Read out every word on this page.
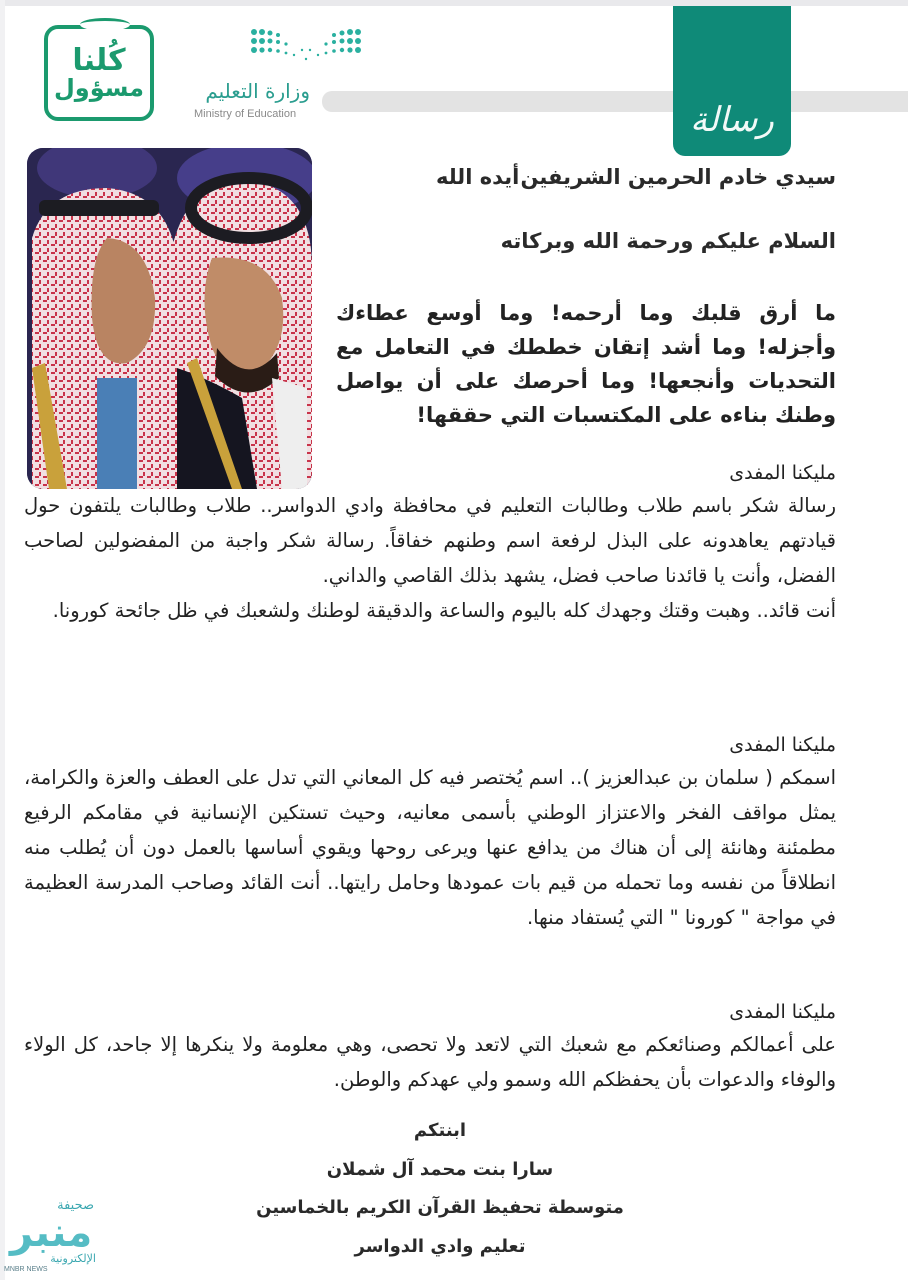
رسالة
كُلنا
مسؤول	وزارة التعليم
Ministry of Education
سيدي خادم الحرمين الشريفين
أيده الله
السلام عليكم ورحمة الله وبركاته
ما أرق قلبك وما أرحمه! وما أوسع عطاءك وأجزله! وما أشد إتقان خططك في التعامل مع التحديات وأنجعها! وما أحرصك على أن يواصل وطنك بناءه على المكتسبات التي حققها!
مليكنا المفدى

رسالة شكر باسم طلاب وطالبات التعليم في محافظة وادي الدواسر.. طلاب وطالبات يلتفون حول قيادتهم يعاهدونه على البذل لرفعة اسم وطنهم خفاقاً. رسالة شكر واجبة من المفضولين لصاحب الفضل، وأنت يا قائدنا صاحب فضل، يشهد بذلك القاصي والداني.

أنت قائد.. وهبت وقتك وجهدك كله باليوم والساعة والدقيقة لوطنك ولشعبك في ظل جائحة كورونا.

مليكنا المفدى

اسمكم ( سلمان بن عبدالعزيز ).. اسم يُختصر فيه كل المعاني التي تدل على العطف والعزة والكرامة، يمثل مواقف الفخر والاعتزاز الوطني بأسمى معانيه، وحيث تستكين الإنسانية في مقامكم الرفيع مطمئنة وهانئة إلى أن هناك من يدافع عنها ويرعى روحها ويقوي أساسها بالعمل دون أن يُطلب منه انطلاقاً من نفسه وما تحمله من قيم بات عمودها وحامل رايتها.. أنت القائد وصاحب المدرسة العظيمة في مواجة " كورونا " التي يُستفاد منها.

مليكنا المفدى

على أعمالكم وصنائعكم مع شعبك التي لاتعد ولا تحصى، وهي معلومة ولا ينكرها إلا جاحد، كل الولاء والوفاء والدعوات بأن يحفظكم الله وسمو ولي عهدكم والوطن.

ابنتكم
سارا بنت محمد آل شملان
متوسطة تحفيظ القرآن الكريم بالخماسين
تعليم وادي الدواسر
صحيفة
منبر
الإلكترونية
MNBR NEWS
